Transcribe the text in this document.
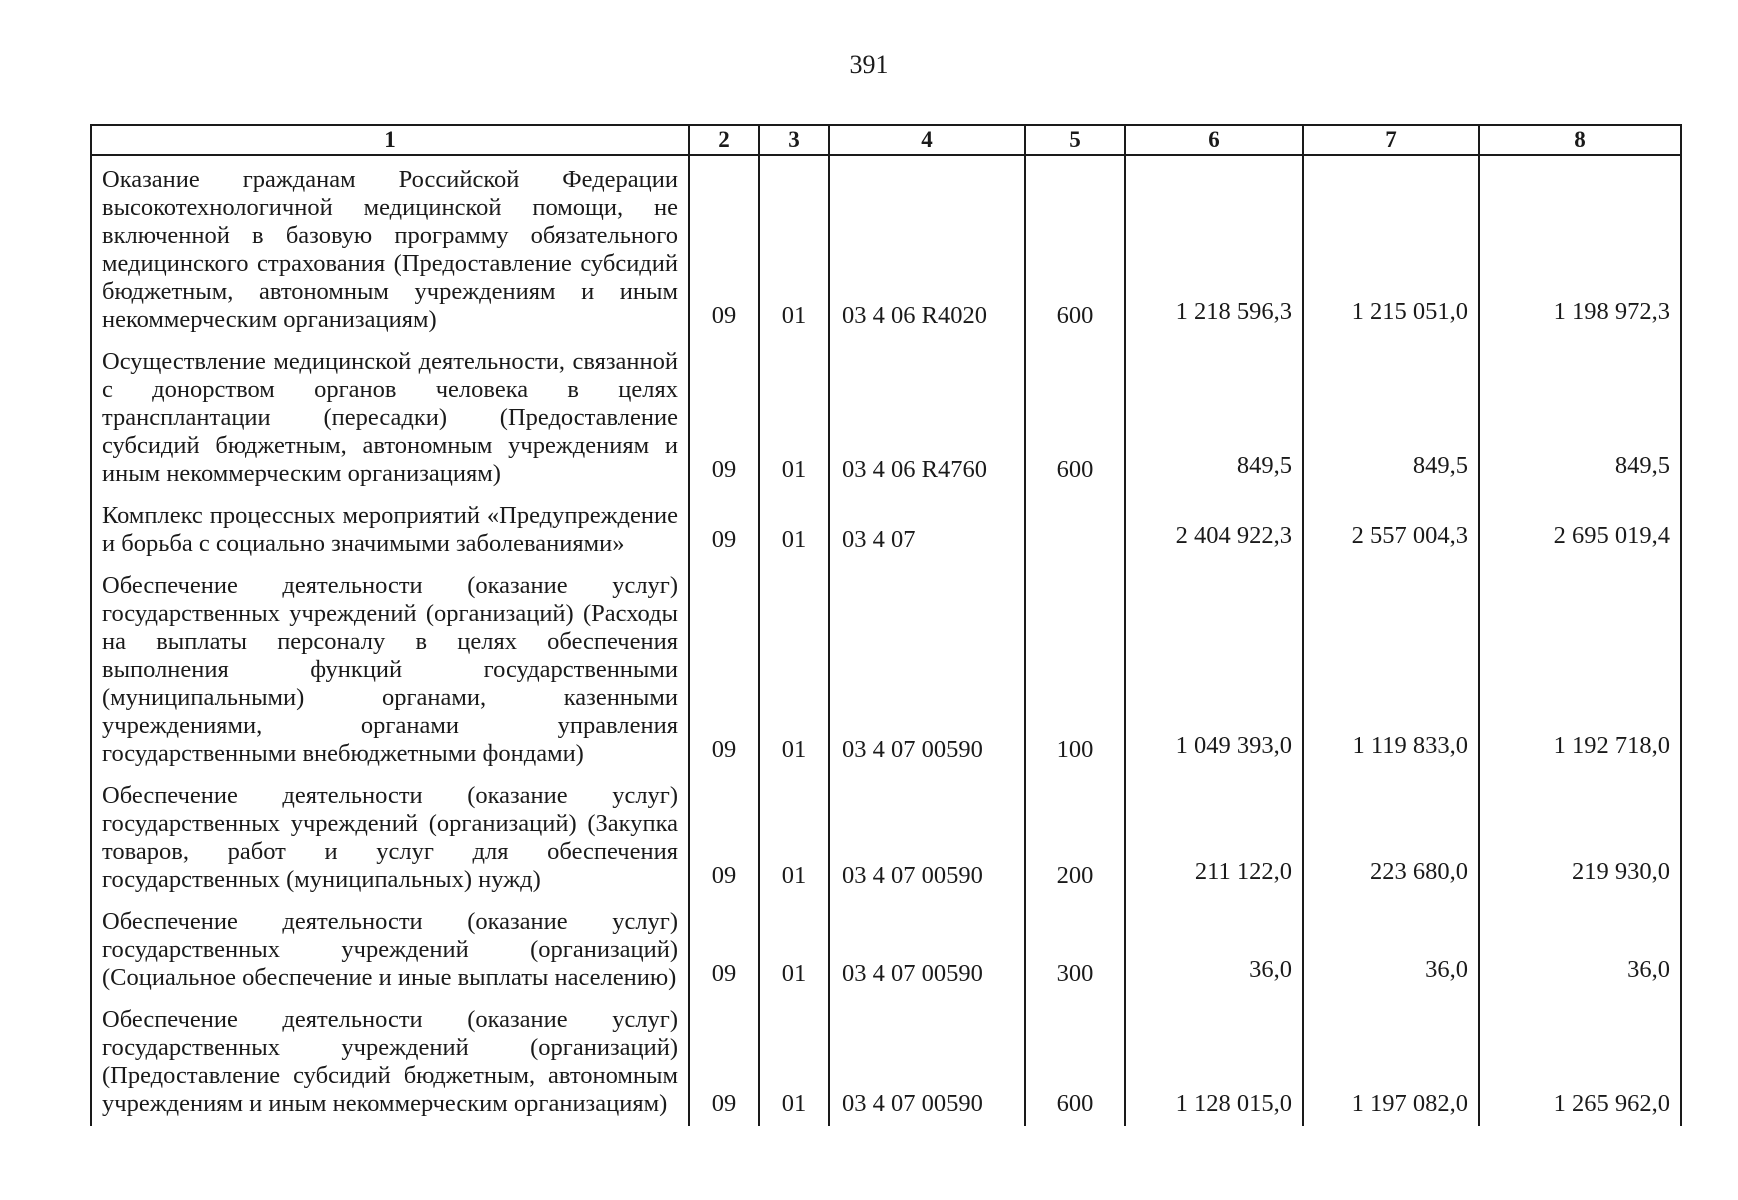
391
1	2	3	4	5	6	7	8
Оказание гражданам Российской Федерации высокотехнологичной медицинской помощи, не включенной в базовую программу обязательного медицинского страхования (Предоставление субсидий бюджетным, автономным учреждениям и иным некоммерческим организациям)	09	01	03 4 06 R4020	600	1 218 596,3	1 215 051,0	1 198 972,3
Осуществление медицинской деятельности, связанной с донорством органов человека в целях трансплантации (пересадки) (Предоставление субсидий бюджетным, автономным учреждениям и иным некоммерческим организациям)	09	01	03 4 06 R4760	600	849,5	849,5	849,5
Комплекс процессных мероприятий «Предупреждение и борьба с социально значимыми заболеваниями»	09	01	03 4 07		2 404 922,3	2 557 004,3	2 695 019,4
Обеспечение деятельности (оказание услуг) государственных учреждений (организаций) (Расходы на выплаты персоналу в целях обеспечения выполнения функций государственными (муниципальными) органами, казенными учреждениями, органами управления государственными внебюджетными фондами)	09	01	03 4 07 00590	100	1 049 393,0	1 119 833,0	1 192 718,0
Обеспечение деятельности (оказание услуг) государственных учреждений (организаций) (Закупка товаров, работ и услуг для обеспечения государственных (муниципальных) нужд)	09	01	03 4 07 00590	200	211 122,0	223 680,0	219 930,0
Обеспечение деятельности (оказание услуг) государственных учреждений (организаций) (Социальное обеспечение и иные выплаты населению)	09	01	03 4 07 00590	300	36,0	36,0	36,0
Обеспечение деятельности (оказание услуг) государственных учреждений (организаций) (Предоставление субсидий бюджетным, автономным учреждениям и иным некоммерческим организациям)	09	01	03 4 07 00590	600	1 128 015,0	1 197 082,0	1 265 962,0
